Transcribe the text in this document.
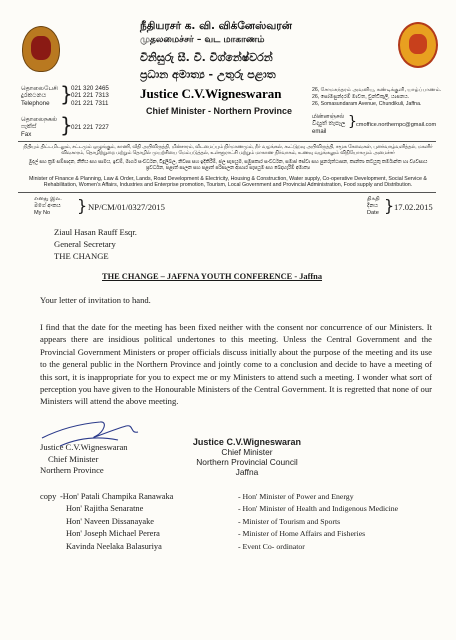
தொலைபேசி
දුරකථනය
Telephone }
021 320 2465
021 221 7313
021 221 7311
தொலைநகல்
ෆැක්ස්
Fax	}
021 221 7227
நீதியரசர் க. வி. விக்னேஸ்வரன்
முதலமைச்சர் – வட மாகாணம்
විනිසුරු සී. වී. විග්නේෂ්වරන්
ප්‍රධාන අමාත්‍ය - උතුරු පළාත
Justice C.V.Wigneswaran
Chief Minister - Northern Province
26, சோமசுந்தரம் அவனியு, சுண்டிக்குளி, யாழ்ப்பாணம்.
26, සෝමසුන්දරම් මාවත, චුන්ඩිකුලි, යාපනය.
26, Somasundaram Avenue, Chundikuli, Jaffna.
மின்னஞ்சல்
විද්‍යුත් තැපෑල
email
} cmoffice.northernpc@gmail.com
நிதியும் திட்டமிடலும், சட்டமும் ஒழுங்கும், காணி, வீதி அபிவிருத்தி, மின்சாரம், வீடமைப்பும் நிர்மாணமும், நீர் வழங்கல், கூட்டுறவு அபிவிருத்தி, சமூக சேவைகள், புனர்வாழ்வளித்தல், மகளிர் விவகாரம், தொழிற்றுறை மற்றும் தொழில் முயற்சியை மேம்படுத்தல், உள்ளூராட்சி மற்றும் மாகாண நிர்வாகம், உணவு வழங்கலும் விநியோகமும் அமைச்சர்
මුදල් සහ ක්‍රම සම්පාදන, නීතිය සහ සාමය, ඉඩම්, මාර්ග සංවර්ධන, විදුලිබල, නිවාස සහ ඉදිකිරීම්, ජල සැපයුම, සමුපකාර සංවර්ධන, සමාජ සේවා සහ පුනරුත්ථාපන, කාන්තා කටයුතු කර්මාන්ත හා ව්‍යවසාය ප්‍රවර්ධන, පළාත් පාලන සහ පළාත් පරිපාලන ආහාර සැපයුම සහ බෙදාහැරීම් අමාත්‍ය
Minister of Finance & Planning, Law & Order, Lands, Road Development & Electricity, Housing & Construction, Water supply, Co-operative Development, Social Service & Rehabilitation, Women's Affairs, Industries and Enterprise promotion, Tourism, Local Government and Provincial Administration, Food supply and Distribution.
எனது இல.
මගේ අංකය
My No	} NP/CM/01/0327/2015
திகதி
දිනය
Date } 17.02.2015
Ziaul Hasan Rauff Esqr.
General Secretary
THE CHANGE
THE CHANGE – JAFFNA YOUTH CONFERENCE - Jaffna
Your letter of invitation to hand.
I find that the date for the meeting has been fixed neither with the consent nor concurrence of our Ministers. It appears there are insidious political undertones to this meeting. Unless the Central Government and the Provincial Government Ministers or proper officials discuss initially about the purpose of the meeting and its use to the general public in the Northern Province and jointly come to a conclusion and decide to have a meeting of this sort, it is inappropriate for you to expect me or my Ministers to attend such a meeting. I wonder what sort of perception you have given to the Honourable Ministers of the Central Government. It is regretted that none of our Ministers will attend the above meeting.
Justice C.V.Wigneswaran
Chief Minister
Northern Province
Justice C.V.Wigneswaran
Chief Minister
Northern Provincial Council
Jaffna
copy -Hon' Patali Champika Ranawaka
Hon' Rajitha Senaratne
Hon' Naveen Dissanayake
Hon' Joseph Michael Perera
Kavinda Neelaka Balasuriya
- Hon' Minister of Power and Energy
- Hon' Minister of Health and Indigenous Medicine
- Minister of Tourism and Sports
- Minister of Home Affairs and Fisheries
- Event Co- ordinator
